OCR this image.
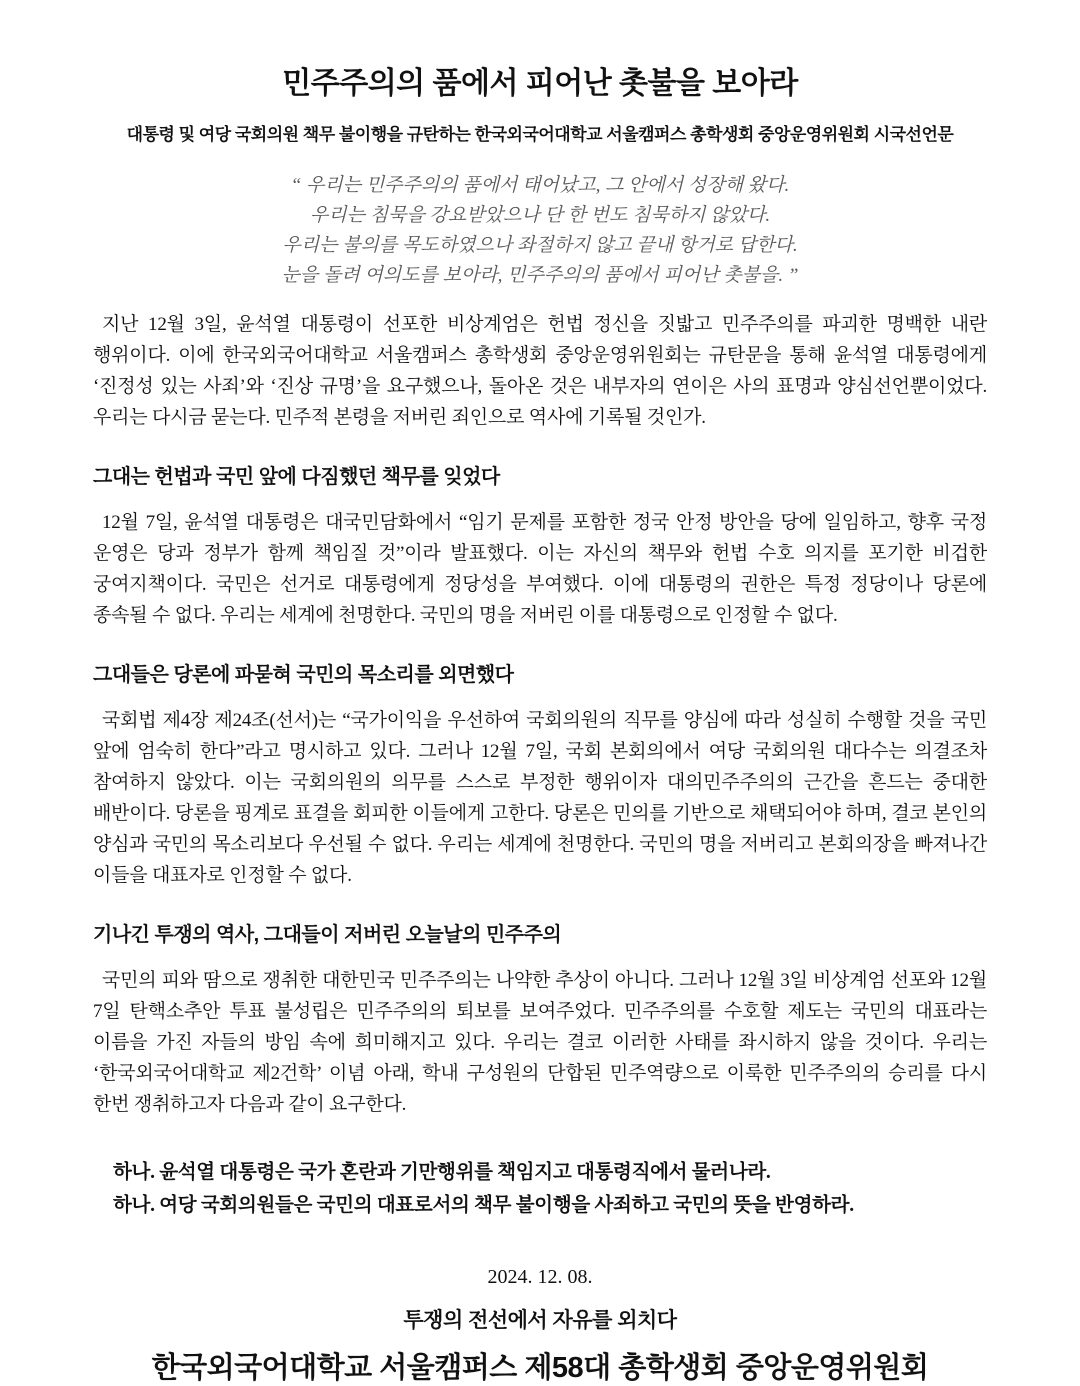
민주주의의 품에서 피어난 촛불을 보아라

대통령 및 여당 국회의원 책무 불이행을 규탄하는 한국외국어대학교 서울캠퍼스 총학생회 중앙운영위원회 시국선언문

“ 우리는 민주주의의 품에서 태어났고, 그 안에서 성장해 왔다.
우리는 침묵을 강요받았으나 단 한 번도 침묵하지 않았다.
우리는 불의를 목도하였으나 좌절하지 않고 끝내 항거로 답한다.
눈을 돌려 여의도를 보아라, 민주주의의 품에서 피어난 촛불을. ”

지난 12월 3일, 윤석열 대통령이 선포한 비상계엄은 헌법 정신을 짓밟고 민주주의를 파괴한 명백한 내란 행위이다. 이에 한국외국어대학교 서울캠퍼스 총학생회 중앙운영위원회는 규탄문을 통해 윤석열 대통령에게 ‘진정성 있는 사죄’와 ‘진상 규명’을 요구했으나, 돌아온 것은 내부자의 연이은 사의 표명과 양심선언뿐이었다. 우리는 다시금 묻는다. 민주적 본령을 저버린 죄인으로 역사에 기록될 것인가.

그대는 헌법과 국민 앞에 다짐했던 책무를 잊었다

12월 7일, 윤석열 대통령은 대국민담화에서 “임기 문제를 포함한 정국 안정 방안을 당에 일임하고, 향후 국정 운영은 당과 정부가 함께 책임질 것”이라 발표했다. 이는 자신의 책무와 헌법 수호 의지를 포기한 비겁한 궁여지책이다. 국민은 선거로 대통령에게 정당성을 부여했다. 이에 대통령의 권한은 특정 정당이나 당론에 종속될 수 없다. 우리는 세계에 천명한다. 국민의 명을 저버린 이를 대통령으로 인정할 수 없다.

그대들은 당론에 파묻혀 국민의 목소리를 외면했다

국회법 제4장 제24조(선서)는 “국가이익을 우선하여 국회의원의 직무를 양심에 따라 성실히 수행할 것을 국민 앞에 엄숙히 한다”라고 명시하고 있다. 그러나 12월 7일, 국회 본회의에서 여당 국회의원 대다수는 의결조차 참여하지 않았다. 이는 국회의원의 의무를 스스로 부정한 행위이자 대의민주주의의 근간을 흔드는 중대한 배반이다. 당론을 핑계로 표결을 회피한 이들에게 고한다. 당론은 민의를 기반으로 채택되어야 하며, 결코 본인의 양심과 국민의 목소리보다 우선될 수 없다. 우리는 세계에 천명한다. 국민의 명을 저버리고 본회의장을 빠져나간 이들을 대표자로 인정할 수 없다.

기나긴 투쟁의 역사, 그대들이 저버린 오늘날의 민주주의

국민의 피와 땀으로 쟁취한 대한민국 민주주의는 나약한 추상이 아니다. 그러나 12월 3일 비상계엄 선포와 12월 7일 탄핵소추안 투표 불성립은 민주주의의 퇴보를 보여주었다. 민주주의를 수호할 제도는 국민의 대표라는 이름을 가진 자들의 방임 속에 희미해지고 있다. 우리는 결코 이러한 사태를 좌시하지 않을 것이다. 우리는 ‘한국외국어대학교 제2건학’ 이념 아래, 학내 구성원의 단합된 민주역량으로 이룩한 민주주의의 승리를 다시 한번 쟁취하고자 다음과 같이 요구한다.

하나. 윤석열 대통령은 국가 혼란과 기만행위를 책임지고 대통령직에서 물러나라.
하나. 여당 국회의원들은 국민의 대표로서의 책무 불이행을 사죄하고 국민의 뜻을 반영하라.
2024. 12. 08.
투쟁의 전선에서 자유를 외치다
한국외국어대학교 서울캠퍼스 제58대 총학생회 중앙운영위원회
